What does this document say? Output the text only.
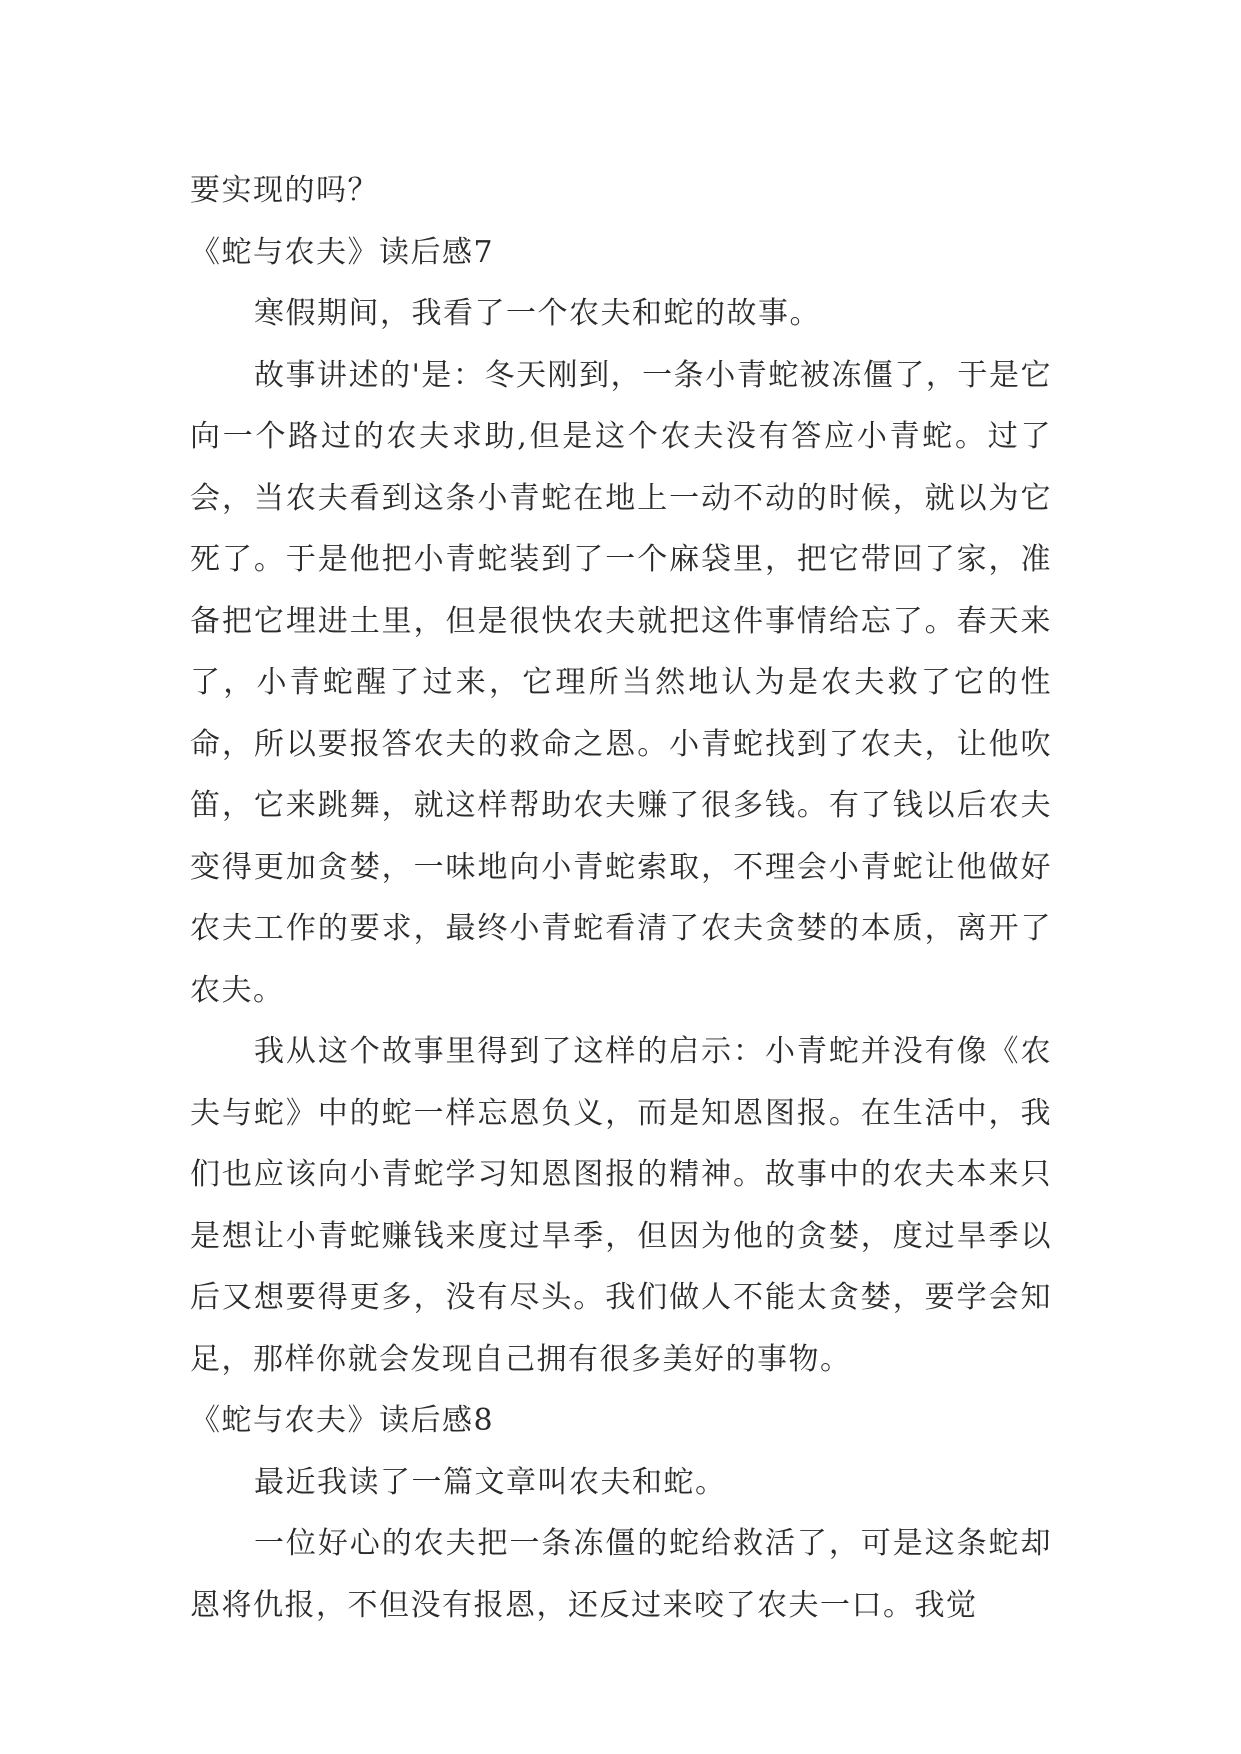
要实现的吗？

《蛇与农夫》读后感7

寒假期间，我看了一个农夫和蛇的故事。

故事讲述的'是：冬天刚到，一条小青蛇被冻僵了，于是它向一个路过的农夫求助,但是这个农夫没有答应小青蛇。过了会，当农夫看到这条小青蛇在地上一动不动的时候，就以为它死了。于是他把小青蛇装到了一个麻袋里，把它带回了家，准备把它埋进土里，但是很快农夫就把这件事情给忘了。春天来了，小青蛇醒了过来，它理所当然地认为是农夫救了它的性命，所以要报答农夫的救命之恩。小青蛇找到了农夫，让他吹笛，它来跳舞，就这样帮助农夫赚了很多钱。有了钱以后农夫变得更加贪婪，一味地向小青蛇索取，不理会小青蛇让他做好农夫工作的要求，最终小青蛇看清了农夫贪婪的本质，离开了农夫。

我从这个故事里得到了这样的启示：小青蛇并没有像《农夫与蛇》中的蛇一样忘恩负义，而是知恩图报。在生活中，我们也应该向小青蛇学习知恩图报的精神。故事中的农夫本来只是想让小青蛇赚钱来度过旱季，但因为他的贪婪，度过旱季以后又想要得更多，没有尽头。我们做人不能太贪婪，要学会知足，那样你就会发现自己拥有很多美好的事物。

《蛇与农夫》读后感8

最近我读了一篇文章叫农夫和蛇。

一位好心的农夫把一条冻僵的蛇给救活了，可是这条蛇却恩将仇报，不但没有报恩，还反过来咬了农夫一口。我觉
